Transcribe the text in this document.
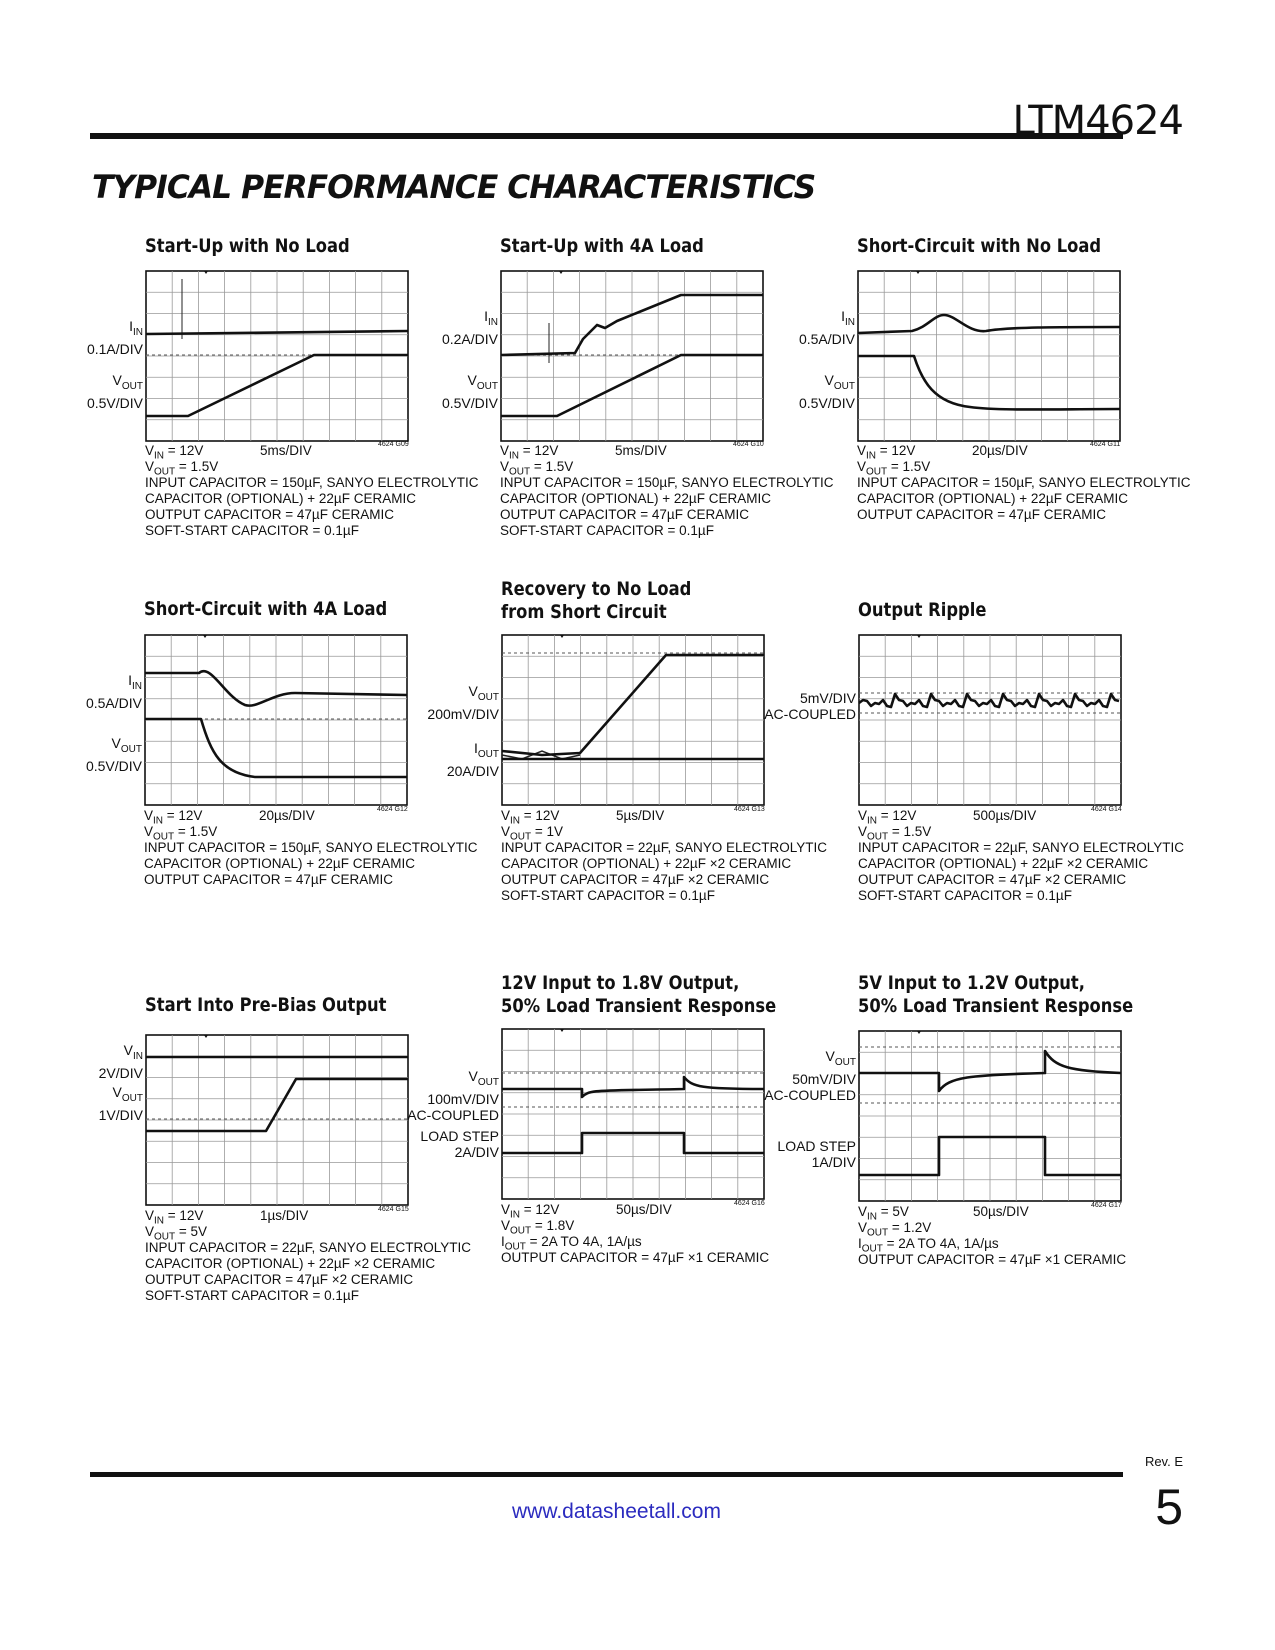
LTM4624
TYPICAL PERFORMANCE CHARACTERISTICS
Start-Up with No Load
$I_{IN}$
0.1A/DIV
$V_{OUT}$
0.5V/DIV
5ms/DIV	4624 G09
$V_{IN} = 12V$
$V_{OUT} = 1.5V$
INPUT CAPACITOR = 150µF, SANYO ELECTROLYTIC
CAPACITOR (OPTIONAL) + 22µF CERAMIC
OUTPUT CAPACITOR = 47µF CERAMIC
SOFT-START CAPACITOR = 0.1µF
Start-Up with 4A Load
$I_{IN}$
0.2A/DIV
$V_{OUT}$
0.5V/DIV
5ms/DIV	4624 G10
$V_{IN} = 12V$
$V_{OUT} = 1.5V$
INPUT CAPACITOR = 150µF, SANYO ELECTROLYTIC
CAPACITOR (OPTIONAL) + 22µF CERAMIC
OUTPUT CAPACITOR = 47µF CERAMIC
SOFT-START CAPACITOR = 0.1µF
Short-Circuit with No Load
$I_{IN}$
0.5A/DIV
$V_{OUT}$
0.5V/DIV
20µs/DIV	4624 G11
$V_{IN} = 12V$
$V_{OUT} = 1.5V$
INPUT CAPACITOR = 150µF, SANYO ELECTROLYTIC
CAPACITOR (OPTIONAL) + 22µF CERAMIC
OUTPUT CAPACITOR = 47µF CERAMIC
Short-Circuit with 4A Load
$I_{IN}$
0.5A/DIV
$V_{OUT}$
0.5V/DIV
20µs/DIV	4624 G12
$V_{IN} = 12V$
$V_{OUT} = 1.5V$
INPUT CAPACITOR = 150µF, SANYO ELECTROLYTIC
CAPACITOR (OPTIONAL) + 22µF CERAMIC
OUTPUT CAPACITOR = 47µF CERAMIC
Recovery to No Load
from Short Circuit
$V_{OUT}$
200mV/DIV
$I_{OUT}$
20A/DIV
5µs/DIV	4624 G13
$V_{IN} = 12V$
$V_{OUT} = 1V$
INPUT CAPACITOR = 22µF, SANYO ELECTROLYTIC
CAPACITOR (OPTIONAL) + 22µF ×2 CERAMIC
OUTPUT CAPACITOR = 47µF ×2 CERAMIC
SOFT-START CAPACITOR = 0.1µF
Output Ripple
5mV/DIV
AC-COUPLED
500µs/DIV	4624 G14
$V_{IN} = 12V$
$V_{OUT} = 1.5V$
INPUT CAPACITOR = 22µF, SANYO ELECTROLYTIC
CAPACITOR (OPTIONAL) + 22µF ×2 CERAMIC
OUTPUT CAPACITOR = 47µF ×2 CERAMIC
SOFT-START CAPACITOR = 0.1µF
Start Into Pre-Bias Output
$V_{IN}$
2V/DIV
$V_{OUT}$
1V/DIV
1µs/DIV	4624 G15
$V_{IN} = 12V$
$V_{OUT} = 5V$
INPUT CAPACITOR = 22µF, SANYO ELECTROLYTIC
CAPACITOR (OPTIONAL) + 22µF ×2 CERAMIC
OUTPUT CAPACITOR = 47µF ×2 CERAMIC
SOFT-START CAPACITOR = 0.1µF
12V Input to 1.8V Output,
50% Load Transient Response
$V_{OUT}$
100mV/DIV
AC-COUPLED
LOAD STEP
2A/DIV
50µs/DIV	4624 G16
$V_{IN} = 12V$
$V_{OUT} = 1.8V$
$I_{OUT} = 2A$ TO 4A, 1A/µs
OUTPUT CAPACITOR = 47µF ×1 CERAMIC
5V Input to 1.2V Output,
50% Load Transient Response
$V_{OUT}$
50mV/DIV
AC-COUPLED
LOAD STEP
1A/DIV
50µs/DIV	4624 G17
$V_{IN} = 5V$
$V_{OUT} = 1.2V$
$I_{OUT} = 2A$ TO 4A, 1A/µs
OUTPUT CAPACITOR = 47µF ×1 CERAMIC
Rev. E
www.datasheetall.com	5
